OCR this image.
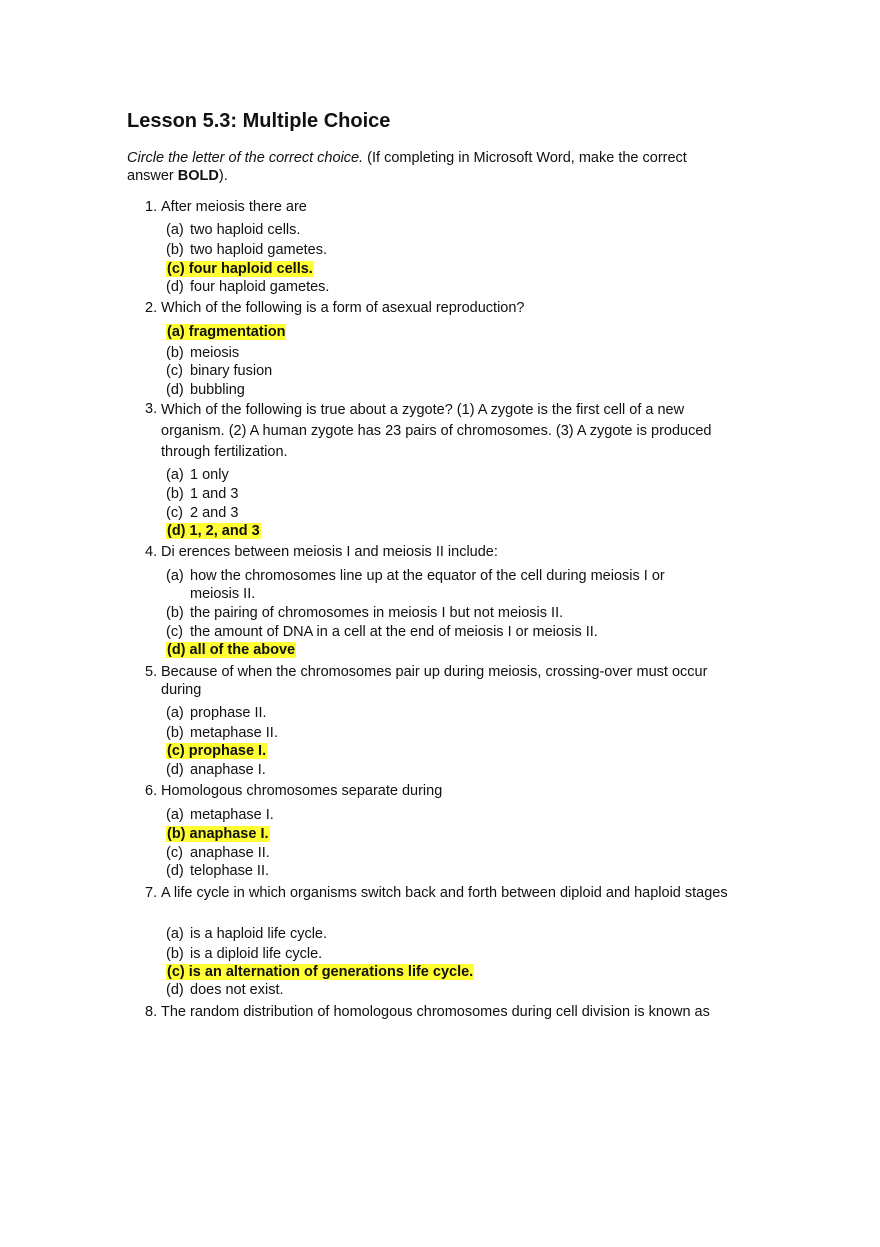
Lesson 5.3: Multiple Choice

Circle the letter of the correct choice. (If completing in Microsoft Word, make the correct answer BOLD).

1. After meiosis there are
(a) two haploid cells.
(b) two haploid gametes.
(c) four haploid cells.
(d) four haploid gametes.
2. Which of the following is a form of asexual reproduction?
(a) fragmentation
(b) meiosis
(c) binary fusion
(d) bubbling
3. Which of the following is true about a zygote? (1) A zygote is the first cell of a new organism. (2) A human zygote has 23 pairs of chromosomes. (3) A zygote is produced through fertilization.
(a) 1 only
(b) 1 and 3
(c) 2 and 3
(d) 1, 2, and 3
4. Di erences between meiosis I and meiosis II include:
(a) how the chromosomes line up at the equator of the cell during meiosis I or
meiosis II.
(b) the pairing of chromosomes in meiosis I but not meiosis II.
(c) the amount of DNA in a cell at the end of meiosis I or meiosis II.
(d) all of the above
5. Because of when the chromosomes pair up during meiosis, crossing-over must occur during
(a) prophase II.
(b) metaphase II.
(c) prophase I.
(d) anaphase I.
6. Homologous chromosomes separate during
(a) metaphase I.
(b) anaphase I.
(c) anaphase II.
(d) telophase II.
7. A life cycle in which organisms switch back and forth between diploid and haploid stages
(a) is a haploid life cycle.
(b) is a diploid life cycle.
(c) is an alternation of generations life cycle.
(d) does not exist.
8. The random distribution of homologous chromosomes during cell division is known as
